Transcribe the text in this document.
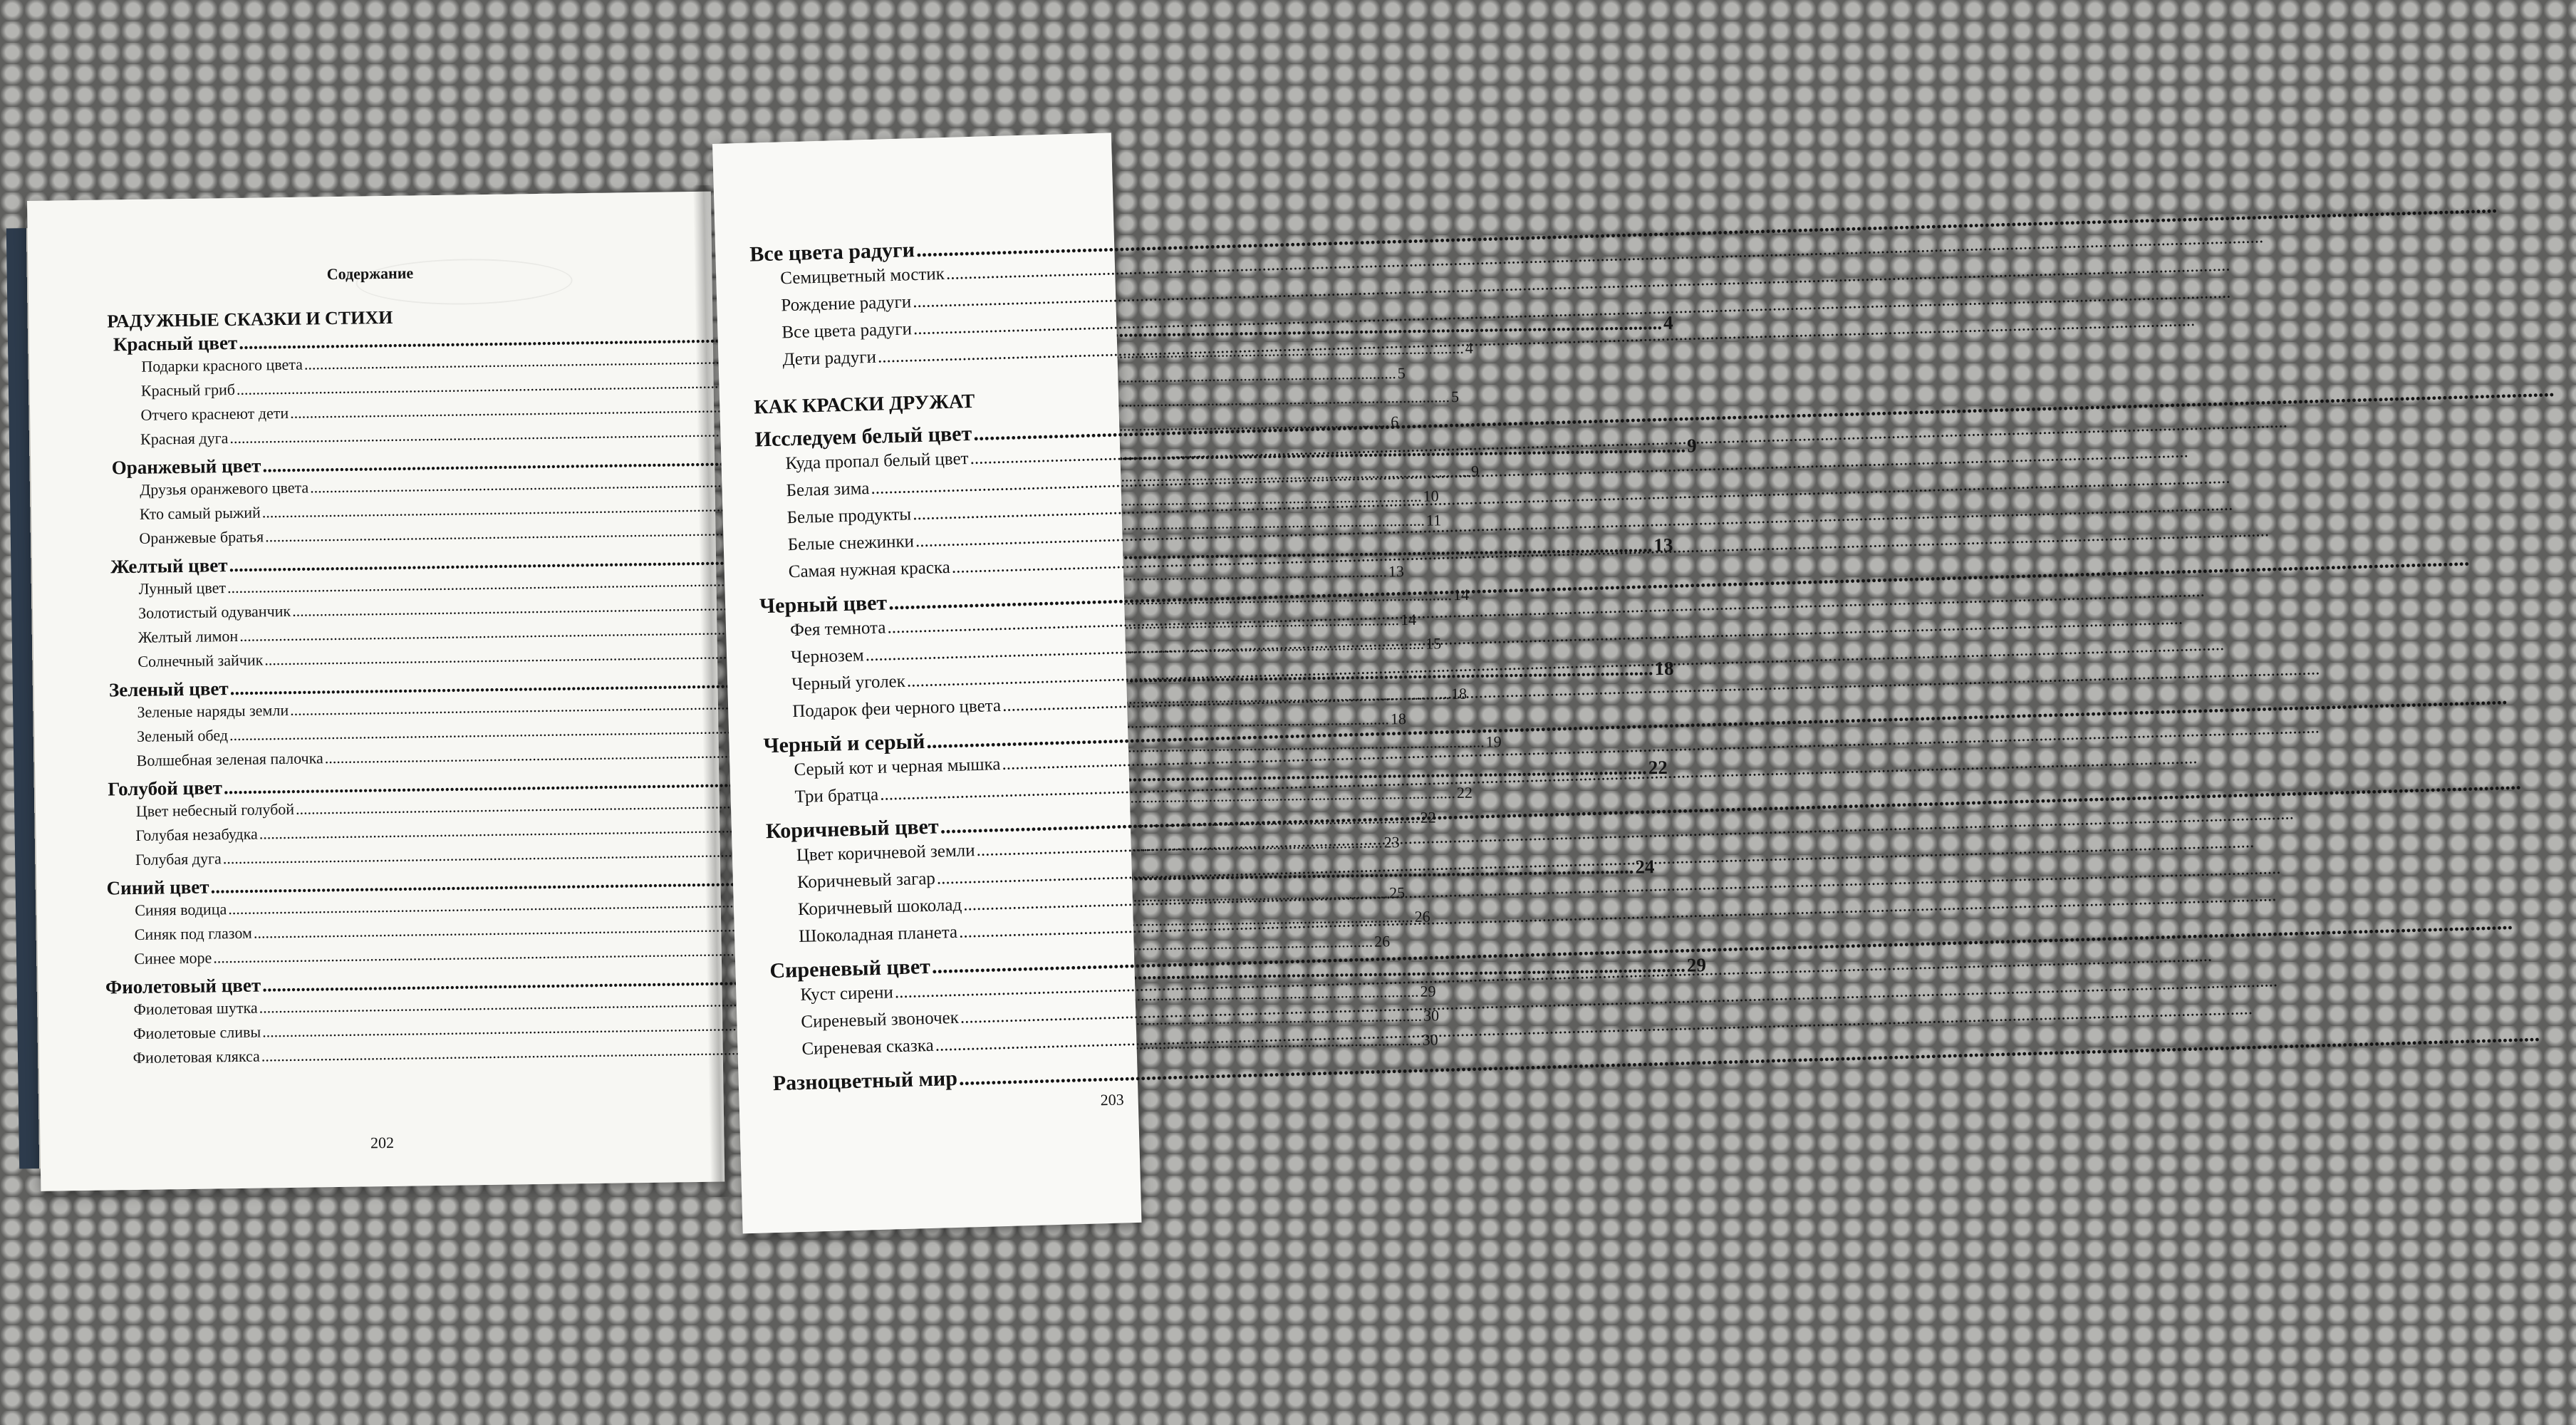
Содержание
РАДУЖНЫЕ СКАЗКИ И СТИХИ
Красный цвет
.....
4
Подарки красного цвета
.....
4
Красный гриб
.....
5
Отчего краснеют дети
.....
5
Красная дуга
.....
6
Оранжевый цвет
.....
9
Друзья оранжевого цвета
.....
9
Кто самый рыжий
.....
10
Оранжевые братья
.....
11
Желтый цвет
.....
13
Лунный цвет
.....
13
Золотистый одуванчик
.....
14
Желтый лимон
.....
14
Солнечный зайчик
.....
15
Зеленый цвет
.....
18
Зеленые наряды земли
.....
18
Зеленый обед
.....
18
Волшебная зеленая палочка
.....
19
Голубой цвет
.....
22
Цвет небесный голубой
.....
22
Голубая незабудка
.....
22
Голубая дуга
.....
23
Синий цвет
.....
24
Синяя водица
.....
25
Синяк под глазом
.....
26
Синее море
.....
26
Фиолетовый цвет
.....
29
Фиолетовая шутка
.....
29
Фиолетовые сливы
.....
30
Фиолетовая клякса
.....
30
202
Все цвета радуги
.....
Семицветный мостик
.....
Рождение радуги
.....
Все цвета радуги
.....
Дети радуги
.....
КАК КРАСКИ ДРУЖАТ
Исследуем белый цвет
.....
Куда пропал белый цвет
.....
Белая зима
.....
Белые продукты
.....
Белые снежинки
.....
Самая нужная краска
.....
Черный цвет
.....
Фея темнота
.....
Чернозем
.....
Черный уголек
.....
Подарок феи черного цвета
.....
Черный и серый
.....
Серый кот и черная мышка
.....
Три братца
.....
Коричневый цвет
.....
Цвет коричневой земли
.....
Коричневый загар
.....
Коричневый шоколад
.....
Шоколадная планета
.....
Сиреневый цвет
.....
Куст сирени
.....
Сиреневый звоночек
.....
Сиреневая сказка
.....
Разноцветный мир
.....
203
